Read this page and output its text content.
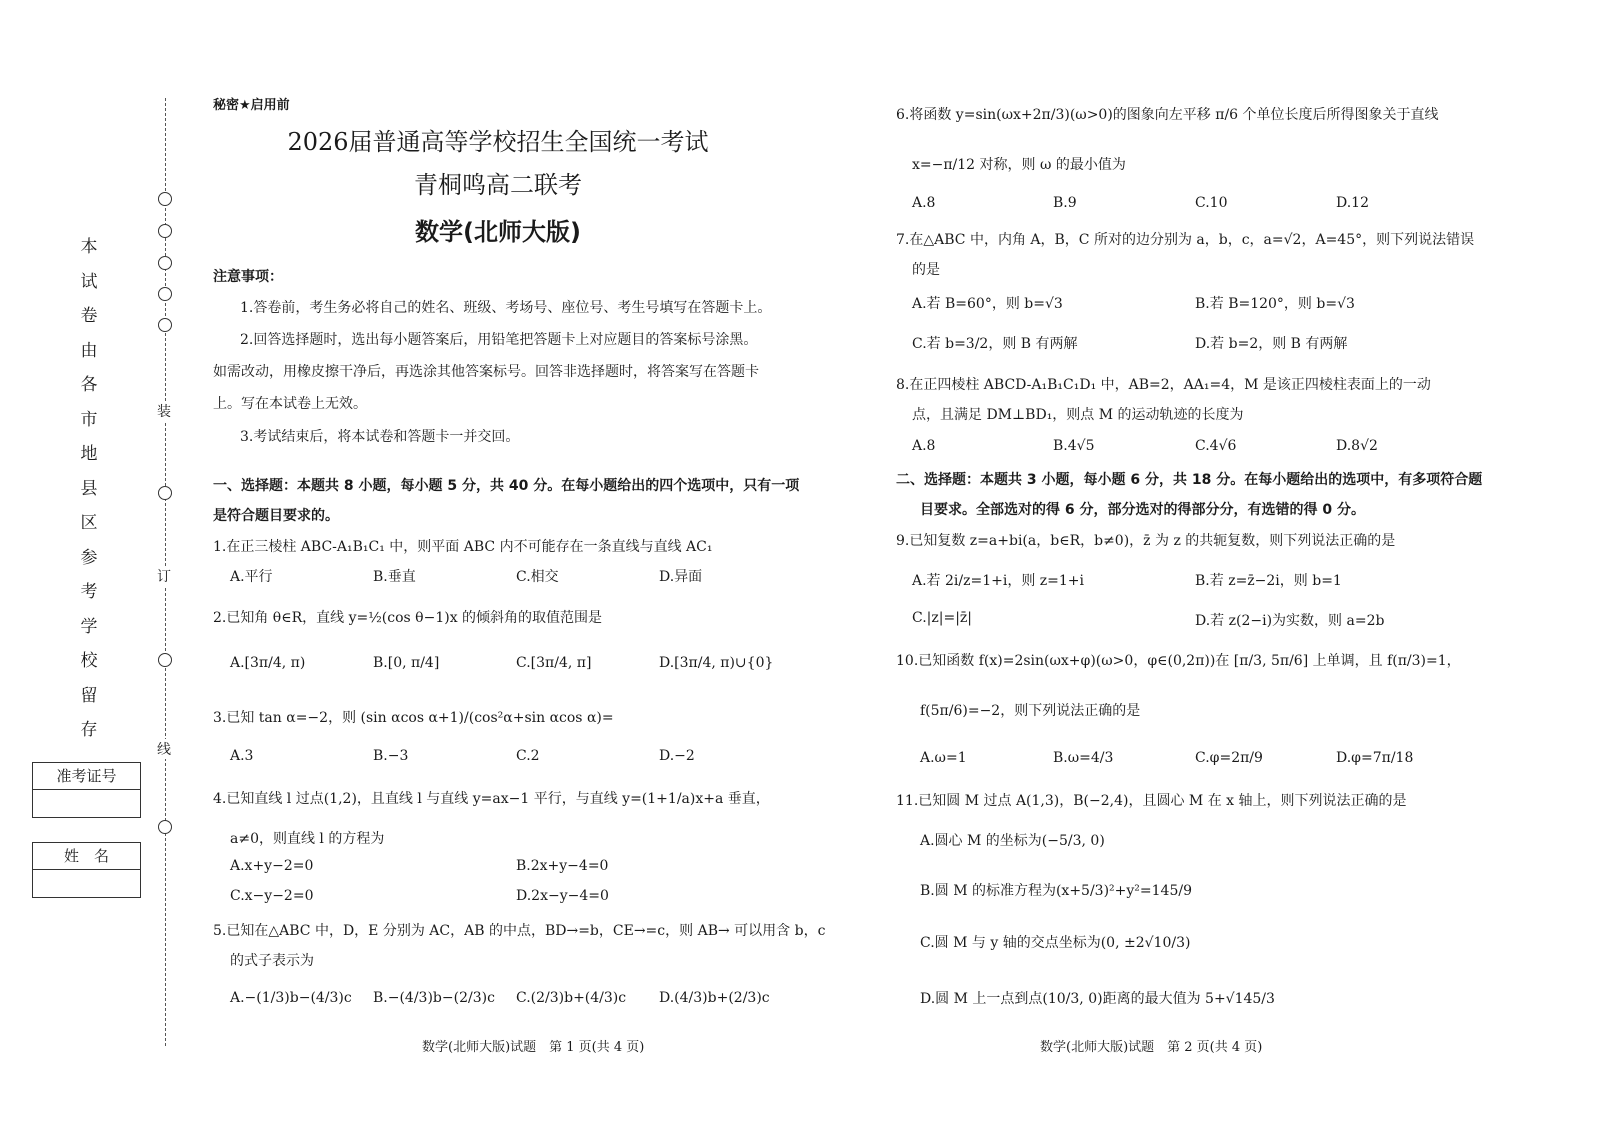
装
订
线
本
试
卷
由
各
市
地
县
区
参
考
学
校
留
存
准考证号
姓　名
秘密★启用前
2026届普通高等学校招生全国统一考试
青桐鸣高二联考
数学(北师大版)
注意事项：
1.答卷前，考生务必将自己的姓名、班级、考场号、座位号、考生号填写在答题卡上。
2.回答选择题时，选出每小题答案后，用铅笔把答题卡上对应题目的答案标号涂黑。
如需改动，用橡皮擦干净后，再选涂其他答案标号。回答非选择题时，将答案写在答题卡
上。写在本试卷上无效。
3.考试结束后，将本试卷和答题卡一并交回。
一、选择题：本题共 8 小题，每小题 5 分，共 40 分。在每小题给出的四个选项中，只有一项
是符合题目要求的。
1.在正三棱柱 ABC-A₁B₁C₁ 中，则平面 ABC 内不可能存在一条直线与直线 AC₁
A.平行	B.垂直	C.相交	D.异面
2.已知角 θ∈R，直线 y=½(cos θ−1)x 的倾斜角的取值范围是
A.[3π/4, π)	B.[0, π/4]	C.[3π/4, π]	D.[3π/4, π)∪{0}
3.已知 tan α=−2，则 (sin αcos α+1)/(cos²α+sin αcos α)=
A.3	B.−3	C.2	D.−2
4.已知直线 l 过点(1,2)，且直线 l 与直线 y=ax−1 平行，与直线 y=(1+1/a)x+a 垂直，
a≠0，则直线 l 的方程为
A.x+y−2=0	B.2x+y−4=0
C.x−y−2=0	D.2x−y−4=0
5.已知在△ABC 中，D，E 分别为 AC，AB 的中点，BD→=b，CE→=c，则 AB→ 可以用含 b，c
的式子表示为
A.−(1/3)b−(4/3)c B.−(4/3)b−(2/3)c C.(2/3)b+(4/3)c D.(4/3)b+(2/3)c
数学(北师大版)试题　第 1 页(共 4 页)
6.将函数 y=sin(ωx+2π/3)(ω>0)的图象向左平移 π/6 个单位长度后所得图象关于直线
x=−π/12 对称，则 ω 的最小值为
A.8	B.9	C.10	D.12
7.在△ABC 中，内角 A，B，C 所对的边分别为 a，b，c，a=√2，A=45°，则下列说法错误
的是
A.若 B=60°，则 b=√3	B.若 B=120°，则 b=√3
C.若 b=3/2，则 B 有两解	D.若 b=2，则 B 有两解
8.在正四棱柱 ABCD-A₁B₁C₁D₁ 中，AB=2，AA₁=4，M 是该正四棱柱表面上的一动
点，且满足 DM⊥BD₁，则点 M 的运动轨迹的长度为
A.8	B.4√5	C.4√6	D.8√2
二、选择题：本题共 3 小题，每小题 6 分，共 18 分。在每小题给出的选项中，有多项符合题
目要求。全部选对的得 6 分，部分选对的得部分分，有选错的得 0 分。
9.已知复数 z=a+bi(a，b∈R，b≠0)，z̄ 为 z 的共轭复数，则下列说法正确的是
A.若 2i/z=1+i，则 z=1+i	B.若 z=z̄−2i，则 b=1
C.|z|=|z̄|	D.若 z(2−i)为实数，则 a=2b
10.已知函数 f(x)=2sin(ωx+φ)(ω>0，φ∈(0,2π))在 [π/3, 5π/6] 上单调，且 f(π/3)=1，
f(5π/6)=−2，则下列说法正确的是
A.ω=1	B.ω=4/3	C.φ=2π/9	D.φ=7π/18
11.已知圆 M 过点 A(1,3)，B(−2,4)，且圆心 M 在 x 轴上，则下列说法正确的是
A.圆心 M 的坐标为(−5/3, 0)
B.圆 M 的标准方程为(x+5/3)²+y²=145/9
C.圆 M 与 y 轴的交点坐标为(0, ±2√10/3)
D.圆 M 上一点到点(10/3, 0)距离的最大值为 5+√145/3
数学(北师大版)试题　第 2 页(共 4 页)
